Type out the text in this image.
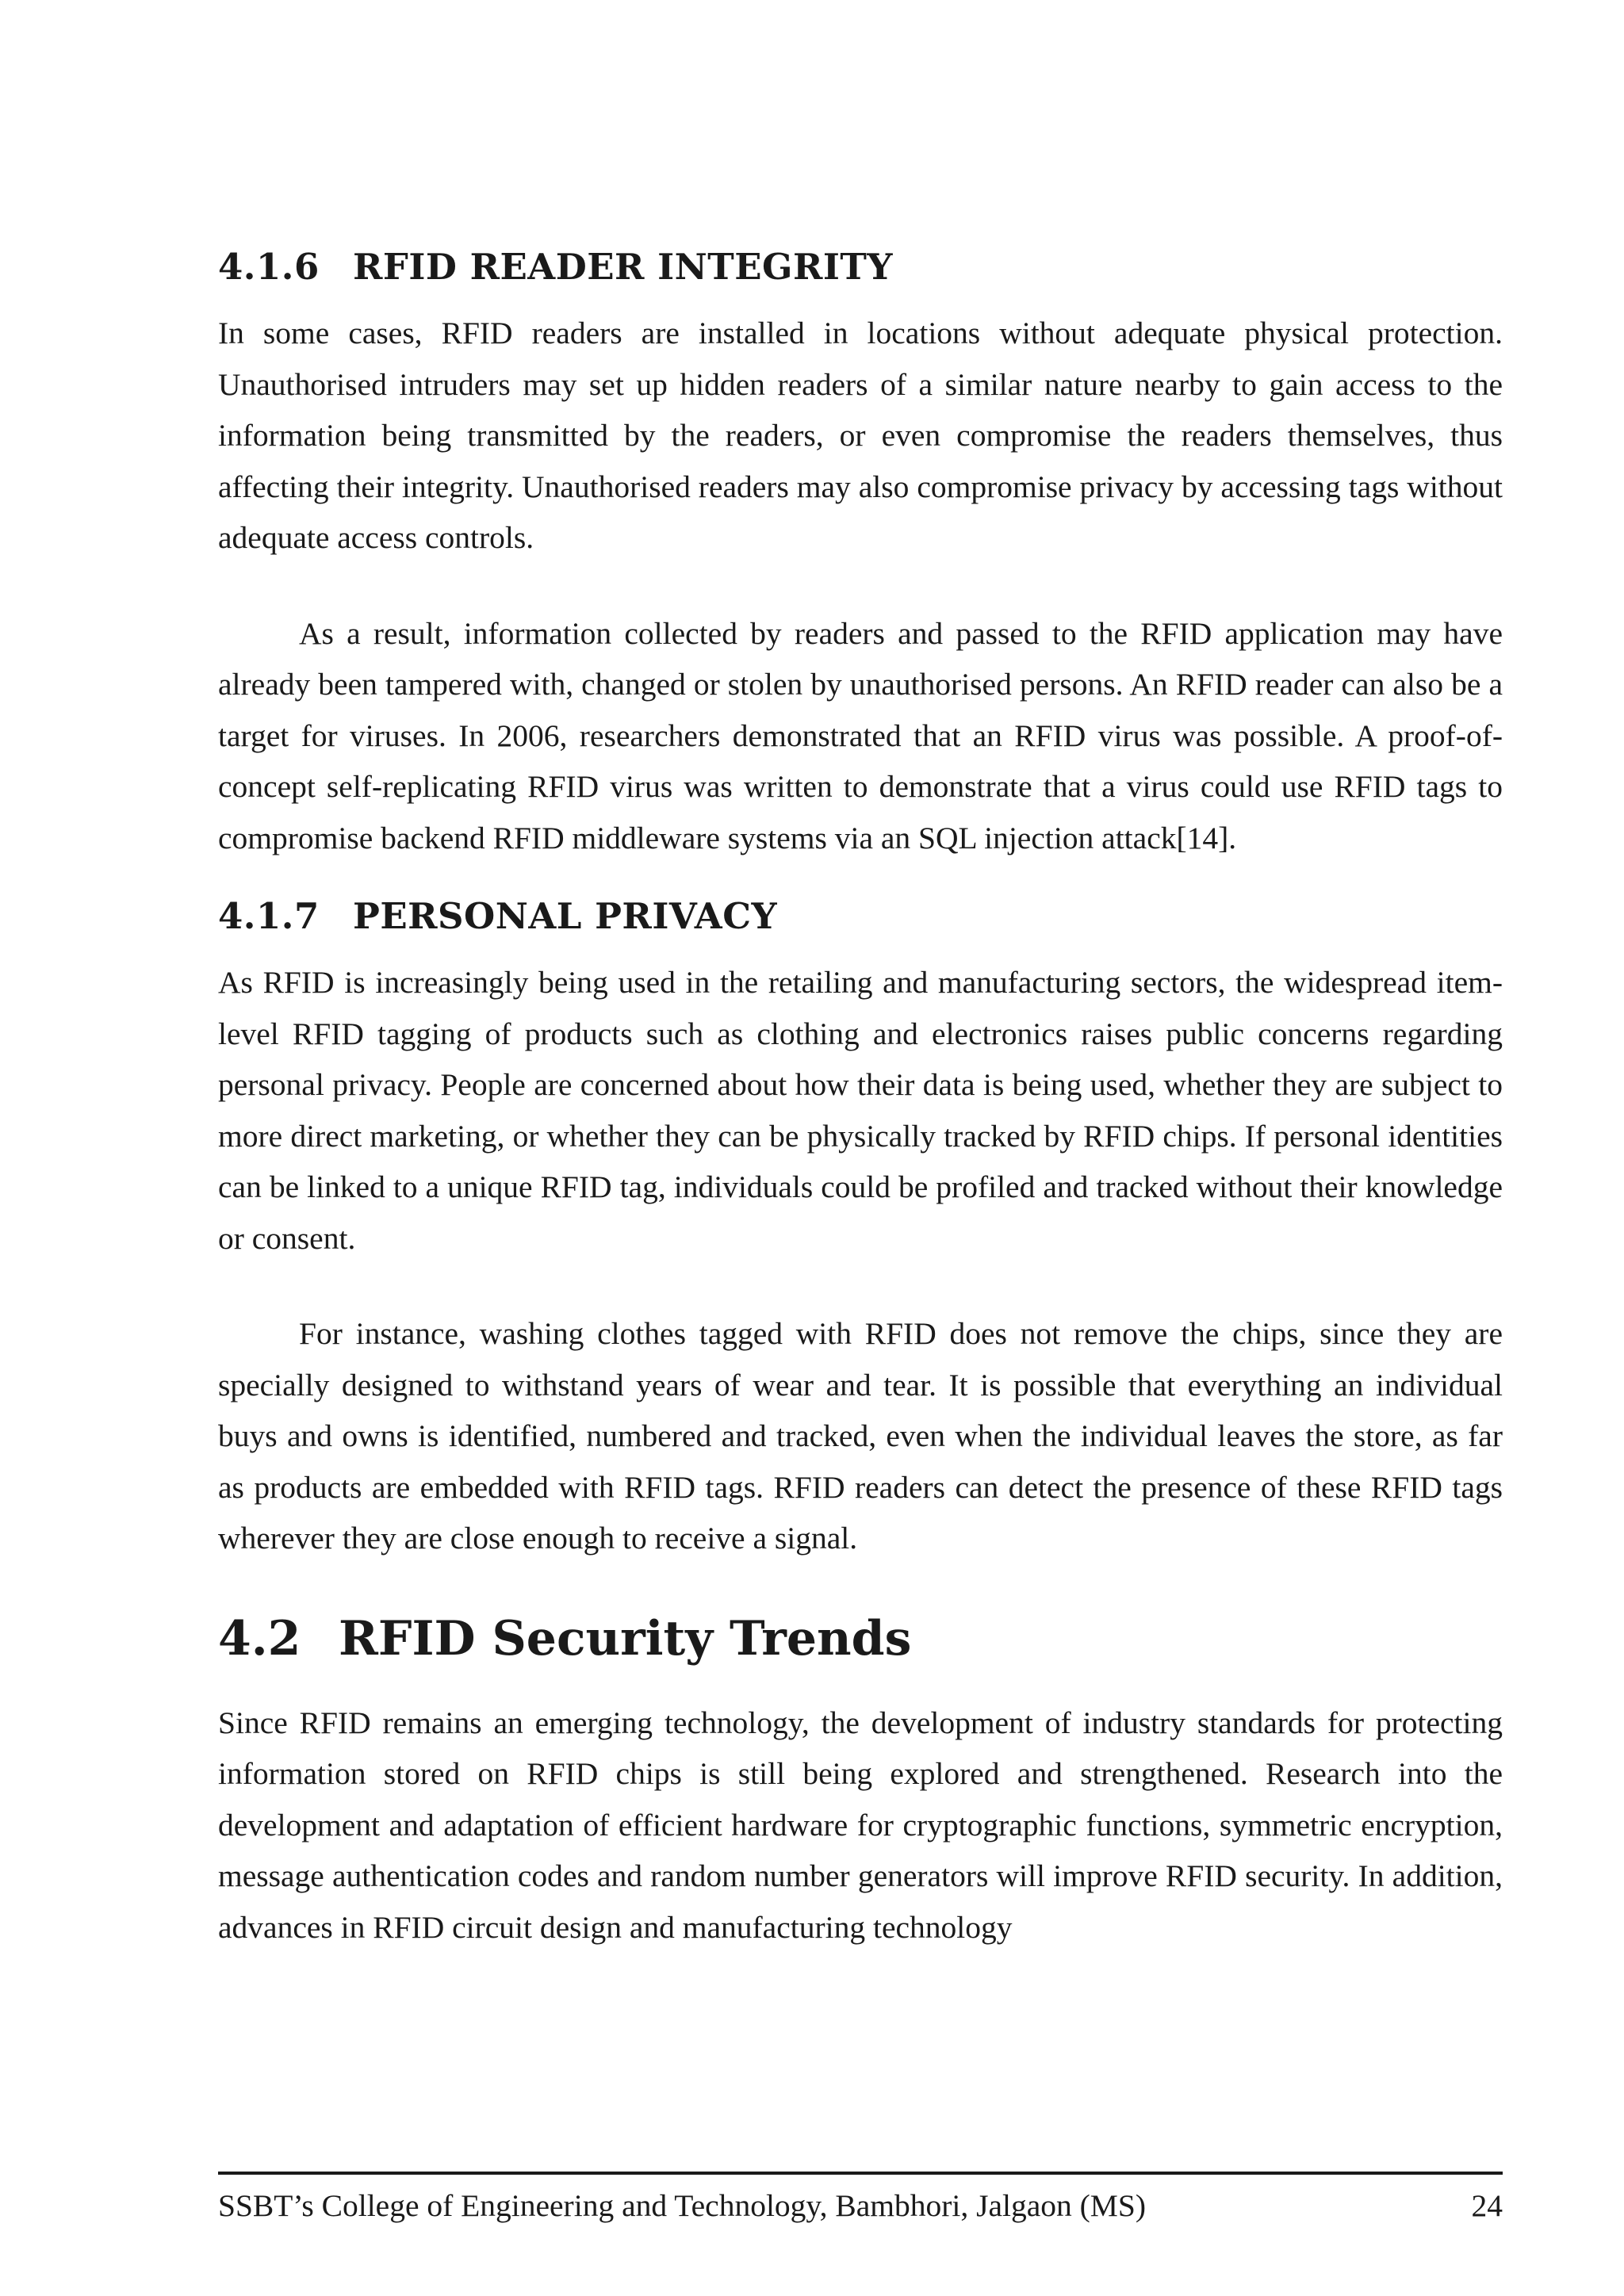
4.1.6 RFID READER INTEGRITY

In some cases, RFID readers are installed in locations without adequate physical protection. Unauthorised intruders may set up hidden readers of a similar nature nearby to gain access to the information being transmitted by the readers, or even compromise the readers themselves, thus affecting their integrity. Unauthorised readers may also compromise privacy by accessing tags without adequate access controls.

As a result, information collected by readers and passed to the RFID application may have already been tampered with, changed or stolen by unauthorised persons. An RFID reader can also be a target for viruses. In 2006, researchers demonstrated that an RFID virus was possible. A proof-of-concept self-replicating RFID virus was written to demonstrate that a virus could use RFID tags to compromise backend RFID middleware systems via an SQL injection attack[14].

4.1.7 PERSONAL PRIVACY

As RFID is increasingly being used in the retailing and manufacturing sectors, the widespread item-level RFID tagging of products such as clothing and electronics raises public concerns regarding personal privacy. People are concerned about how their data is being used, whether they are subject to more direct marketing, or whether they can be physically tracked by RFID chips. If personal identities can be linked to a unique RFID tag, individuals could be profiled and tracked without their knowledge or consent.

For instance, washing clothes tagged with RFID does not remove the chips, since they are specially designed to withstand years of wear and tear. It is possible that everything an individual buys and owns is identified, numbered and tracked, even when the individual leaves the store, as far as products are embedded with RFID tags. RFID readers can detect the presence of these RFID tags wherever they are close enough to receive a signal.

4.2 RFID Security Trends

Since RFID remains an emerging technology, the development of industry standards for protecting information stored on RFID chips is still being explored and strengthened. Research into the development and adaptation of efficient hardware for cryptographic functions, symmetric encryption, message authentication codes and random number generators will improve RFID security. In addition, advances in RFID circuit design and manufacturing technology

SSBT’s College of Engineering and Technology, Bambhori, Jalgaon (MS)	24
